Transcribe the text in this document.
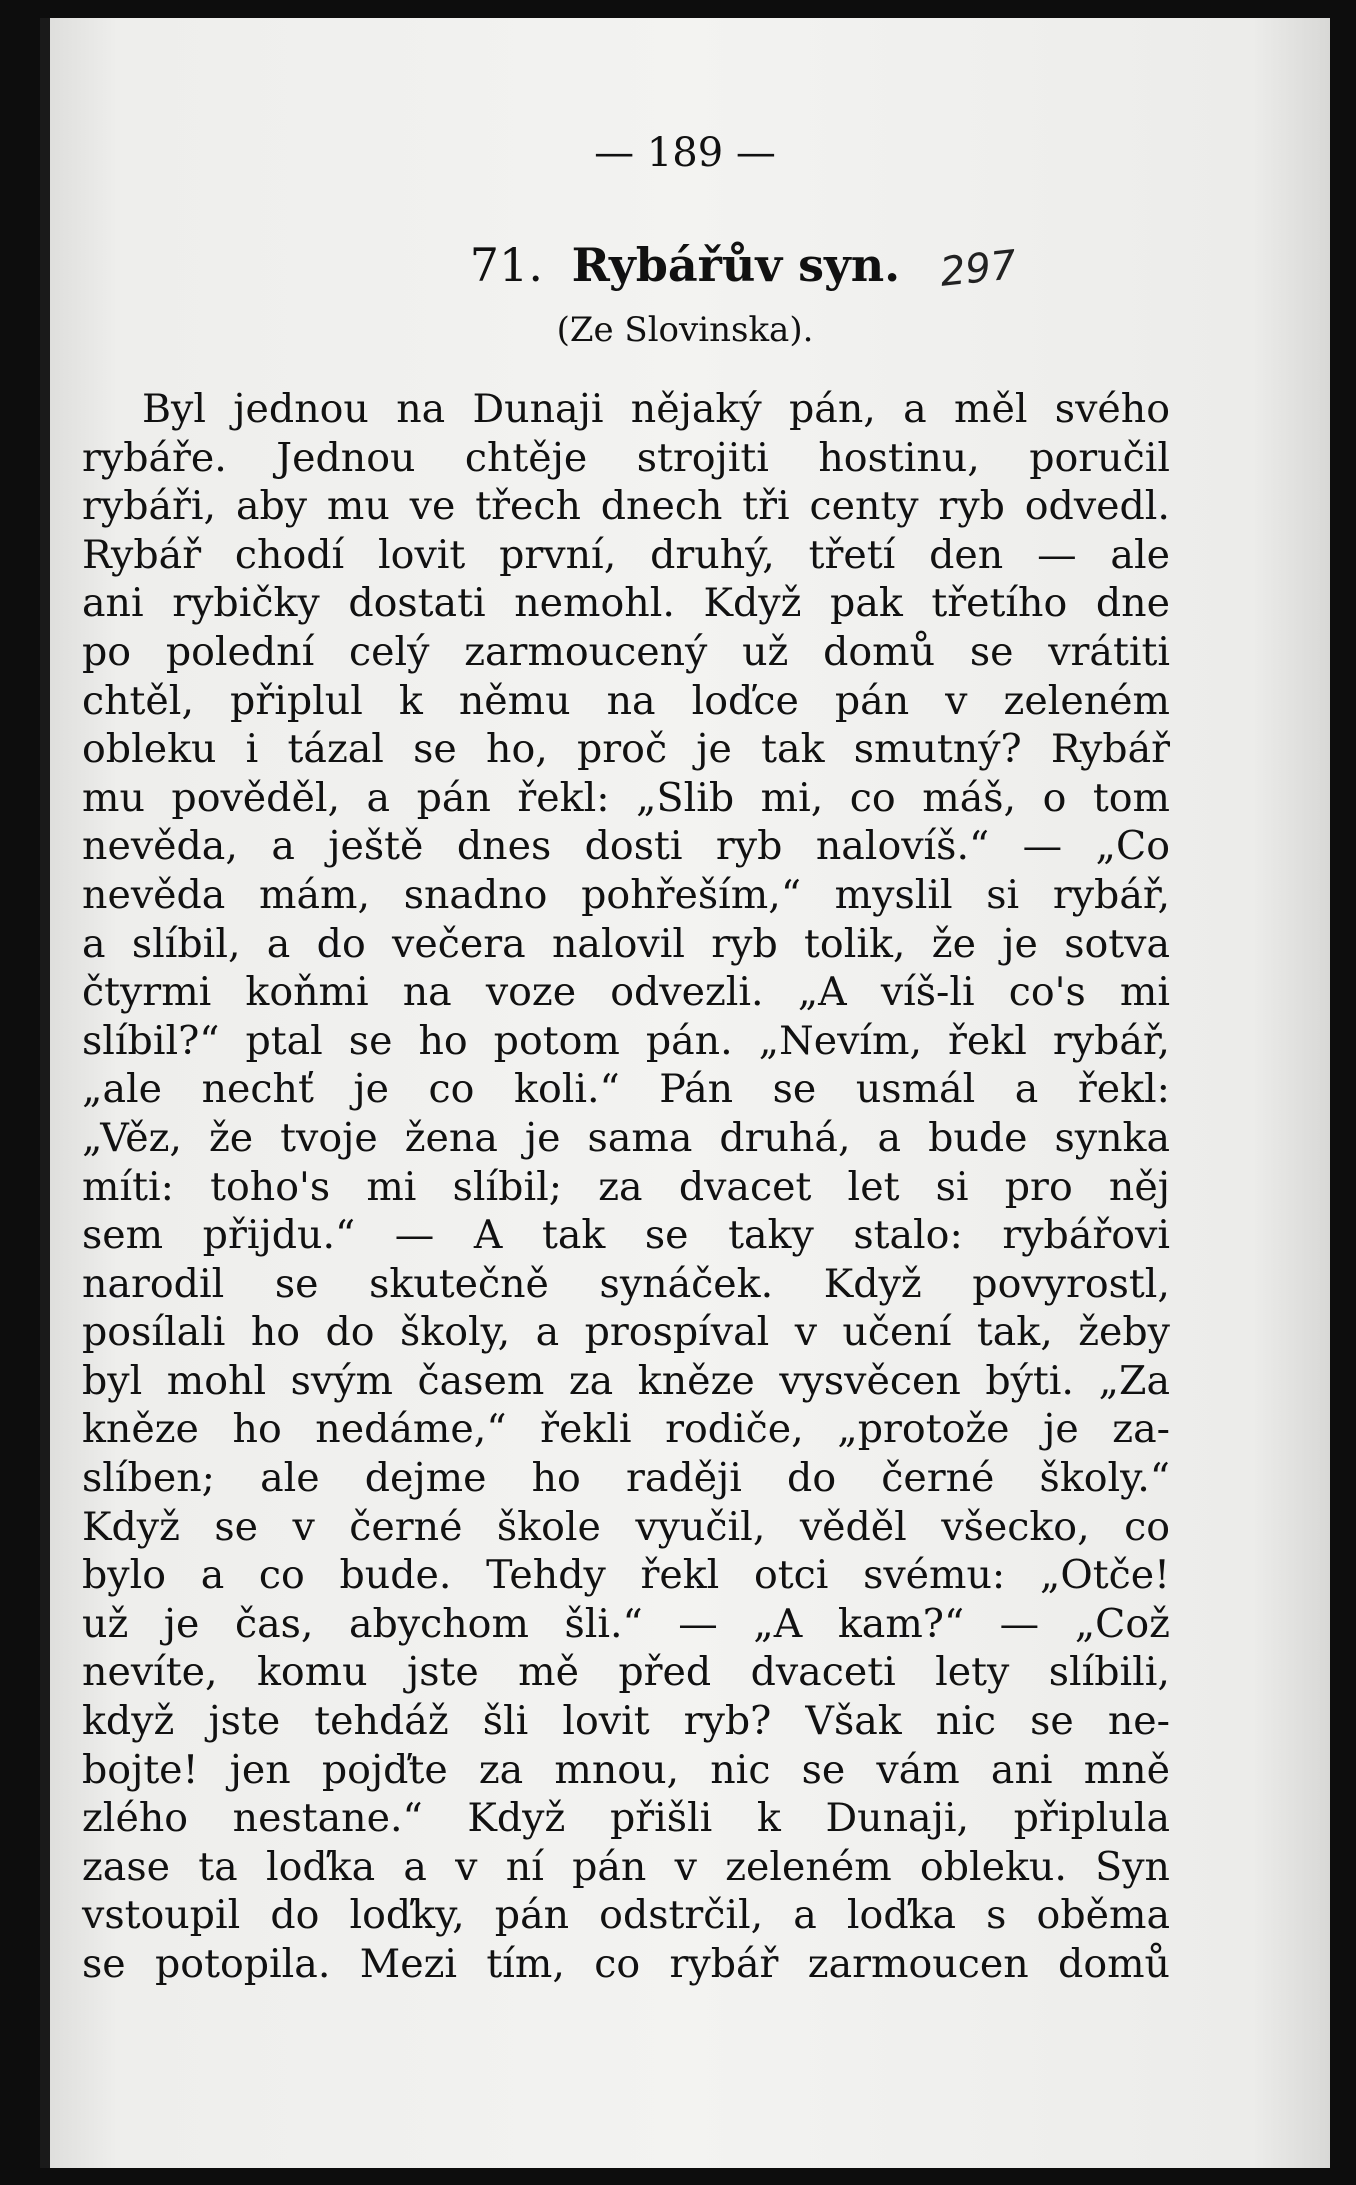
— 189 —
71. Rybářův syn. 297
(Ze Slovinska).
Byl jednou na Dunaji nějaký pán, a měl svého
rybáře. Jednou chtěje strojiti hostinu, poručil
rybáři, aby mu ve třech dnech tři centy ryb odvedl.
Rybář chodí lovit první, druhý, třetí den — ale
ani rybičky dostati nemohl. Když pak třetího dne
po polední celý zarmoucený už domů se vrátiti
chtěl, připlul k němu na loďce pán v zeleném
obleku i tázal se ho, proč je tak smutný? Rybář
mu pověděl, a pán řekl: „Slib mi, co máš, o tom
nevěda, a ještě dnes dosti ryb nalovíš.“ — „Co
nevěda mám, snadno pohřeším,“ myslil si rybář,
a slíbil, a do večera nalovil ryb tolik, že je sotva
čtyrmi koňmi na voze odvezli. „A víš-li co's mi
slíbil?“ ptal se ho potom pán. „Nevím, řekl rybář,
„ale nechť je co koli.“ Pán se usmál a řekl:
„Věz, že tvoje žena je sama druhá, a bude synka
míti: toho's mi slíbil; za dvacet let si pro něj
sem přijdu.“ — A tak se taky stalo: rybářovi
narodil se skutečně synáček. Když povyrostl,
posílali ho do školy, a prospíval v učení tak, žeby
byl mohl svým časem za kněze vysvěcen býti. „Za
kněze ho nedáme,“ řekli rodiče, „protože je za-
slíben; ale dejme ho raději do černé školy.“
Když se v černé škole vyučil, věděl všecko, co
bylo a co bude. Tehdy řekl otci svému: „Otče!
už je čas, abychom šli.“ — „A kam?“ — „Což
nevíte, komu jste mě před dvaceti lety slíbili,
když jste tehdáž šli lovit ryb? Však nic se ne-
bojte! jen pojďte za mnou, nic se vám ani mně
zlého nestane.“ Když přišli k Dunaji, připlula
zase ta loďka a v ní pán v zeleném obleku. Syn
vstoupil do loďky, pán odstrčil, a loďka s oběma
se potopila. Mezi tím, co rybář zarmoucen domů
